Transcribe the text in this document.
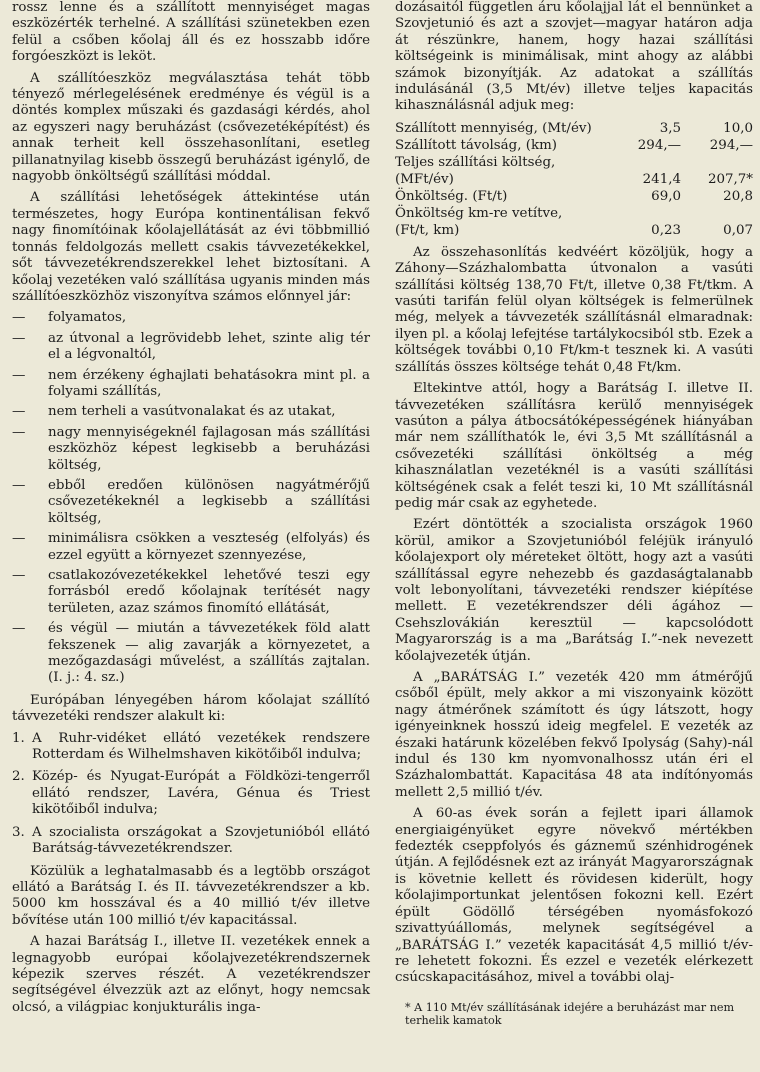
rossz lenne és a szállított mennyiséget magas eszközérték terhelné. A szállítási szünetekben ezen felül a csőben kőolaj áll és ez hosszabb időre forgóeszközt is leköt.

A szállítóeszköz megválasztása tehát több tényező mérlegelésének eredménye és végül is a döntés komplex műszaki és gazdasági kérdés, ahol az egyszeri nagy beruházást (csővezetéképítést) és annak terheit kell összehasonlítani, esetleg pillanatnyilag kisebb összegű beruházást igénylő, de nagyobb önköltségű szállítási móddal.

A szállítási lehetőségek áttekintése után természetes, hogy Európa kontinentálisan fekvő nagy finomítóinak kőolajellátását az évi többmillió tonnás feldolgozás mellett csakis távvezetékekkel, sőt távvezetékrendszerekkel lehet biztosítani. A kőolaj vezetéken való szállítása ugyanis minden más szállítóeszközhöz viszonyítva számos előnnyel jár:

—	folyamatos,
—	az útvonal a legrövidebb lehet, szinte alig tér el a légvonaltól,
—	nem érzékeny éghajlati behatásokra mint pl. a folyami szállítás,
—	nem terheli a vasútvonalakat és az utakat,
—	nagy mennyiségeknél fajlagosan más szállítási eszközhöz képest legkisebb a beruházási költség,
—	ebből eredően különösen nagyátmérőjű csővezetékeknél a legkisebb a szállítási költség,
—	minimálisra csökken a veszteség (elfolyás) és ezzel együtt a környezet szennyezése,
—	csatlakozóvezetékekkel lehetővé teszi egy forrásból eredő kőolajnak terítését nagy területen, azaz számos finomító ellátását,
—	és végül — miután a távvezetékek föld alatt fekszenek — alig zavarják a környezetet, a mezőgazdasági művelést, a szállítás zajtalan. (I. j.: 4. sz.)

Európában lényegében három kőolajat szállító távvezetéki rendszer alakult ki:

1. A Ruhr-vidéket ellátó vezetékek rendszere Rotterdam és Wilhelmshaven kikötőiből indulva;
2. Közép- és Nyugat-Európát a Földközi-tengerről ellátó rendszer, Lavéra, Génua és Triest kikötőiből indulva;
3. A szocialista országokat a Szovjetunióból ellátó Barátság-távvezetékrendszer.

Közülük a leghatalmasabb és a legtöbb országot ellátó a Barátság I. és II. távvezetékrendszer a kb. 5000 km hosszával és a 40 millió t/év illetve bővítése után 100 millió t/év kapacitással.

A hazai Barátság I., illetve II. vezetékek ennek a legnagyobb európai kőolajvezetékrendszernek képezik szerves részét. A vezetékrendszer segítségével élvezzük azt az előnyt, hogy nemcsak olcsó, a világpiac konjukturális inga-

dozásaitól független áru kőolajjal lát el bennünket a Szovjetunió és azt a szovjet—magyar határon adja át részünkre, hanem, hogy hazai szállítási költségeink is minimálisak, mint ahogy az alábbi számok bizonyítják. Az adatokat a szállítás indulásánál (3,5 Mt/év) illetve teljes kapacitás kihasználásnál adjuk meg:

Szállított mennyiség, (Mt/év)	3,5	10,0
Szállított távolság, (km)	294,—	294,—
Teljes szállítási költség,		
(MFt/év)	241,4	207,7*
Önköltség. (Ft/t)	69,0	20,8
Önköltség km-re vetítve,		
(Ft/t, km)	0,23	0,07

Az összehasonlítás kedvéért közöljük, hogy a Záhony—Százhalombatta útvonalon a vasúti szállítási költség 138,70 Ft/t, illetve 0,38 Ft/tkm. A vasúti tarifán felül olyan költségek is felmerülnek még, melyek a távvezeték szállításnál elmaradnak: ilyen pl. a kőolaj lefejtése tartálykocsiból stb. Ezek a költségek további 0,10 Ft/km-t tesznek ki. A vasúti szállítás összes költsége tehát 0,48 Ft/km.

Eltekintve attól, hogy a Barátság I. illetve II. távvezetéken szállításra kerülő mennyiségek vasúton a pálya átbocsátóképességének hiányában már nem szállíthatók le, évi 3,5 Mt szállításnál a csővezetéki szállítási önköltség a még kihasználatlan vezetéknél is a vasúti szállítási költségének csak a felét teszi ki, 10 Mt szállításnál pedig már csak az egyhetede.

Ezért döntötték a szocialista országok 1960 körül, amikor a Szovjetunióból feléjük irányuló kőolajexport oly méreteket öltött, hogy azt a vasúti szállítással egyre nehezebb és gazdaságtalanabb volt lebonyolítani, távvezetéki rendszer kiépítése mellett. E vezetékrendszer déli ágához — Csehszlovákián keresztül — kapcsolódott Magyarország is a ma „Barátság I.”-nek nevezett kőolajvezeték útján.

A „BARÁTSÁG I.” vezeték 420 mm átmérőjű csőből épült, mely akkor a mi viszonyaink között nagy átmérőnek számított és úgy látszott, hogy igényeinknek hosszú ideig megfelel. E vezeték az északi határunk közelében fekvő Ipolyság (Sahy)-nál indul és 130 km nyomvonalhossz után éri el Százhalombattát. Kapacitása 48 ata indítónyomás mellett 2,5 millió t/év.

A 60-as évek során a fejlett ipari államok energiaigényüket egyre növekvő mértékben fedezték cseppfolyós és gáznemű szénhidrogének útján. A fejlődésnek ezt az irányát Magyarországnak is követnie kellett és rövidesen kiderült, hogy kőolajimportunkat jelentősen fokozni kell. Ezért épült Gödöllő térségében nyomásfokozó szivattyúállomás, melynek segítségével a „BARÁTSÁG I.” vezeték kapacitását 4,5 millió t/év-re lehetett fokozni. És ezzel e vezeték elérkezett csúcskapacitásához, mivel a további olaj-

* A 110 Mt/év szállításának idejére a beruházást mar nem terhelik kamatok
